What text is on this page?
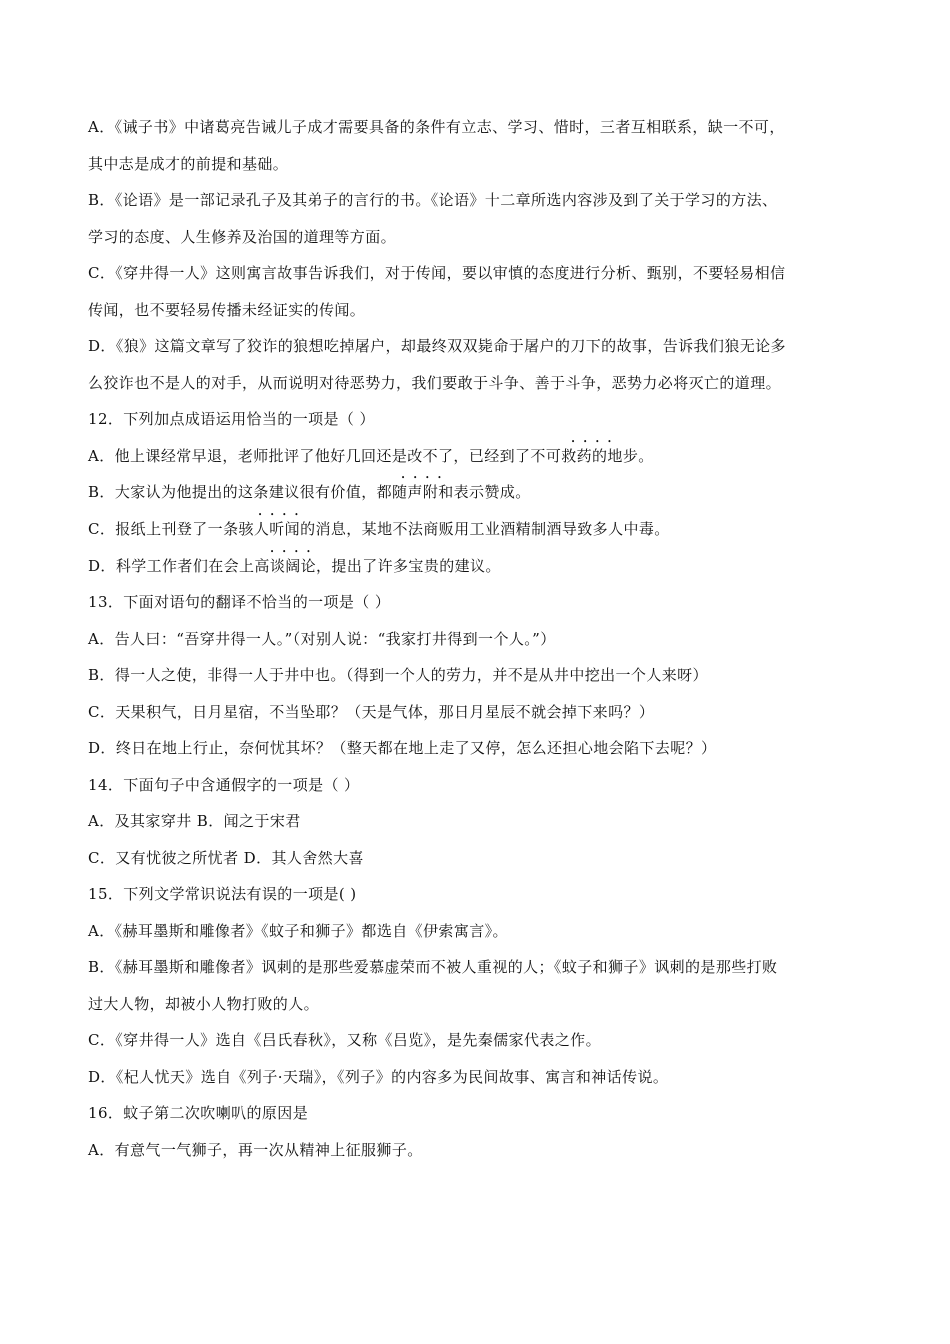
A．《诫子书》中诸葛亮告诫儿子成才需要具备的条件有立志、学习、惜时，三者互相联系，缺一不可，
其中志是成才的前提和基础。
B．《论语》是一部记录孔子及其弟子的言行的书。《论语》十二章所选内容涉及到了关于学习的方法、
学习的态度、人生修养及治国的道理等方面。
C．《穿井得一人》这则寓言故事告诉我们，对于传闻，要以审慎的态度进行分析、甄别，不要轻易相信
传闻，也不要轻易传播未经证实的传闻。
D．《狼》这篇文章写了狡诈的狼想吃掉屠户，却最终双双毙命于屠户的刀下的故事，告诉我们狼无论多
么狡诈也不是人的对手，从而说明对待恶势力，我们要敢于斗争、善于斗争，恶势力必将灭亡的道理。
12．下列加点成语运用恰当的一项是（ ）
A．他上课经常早退，老师批评了他好几回还是改不了，已经到了不可救药的地步。
B．大家认为他提出的这条建议很有价值，都随声附和表示赞成。
C．报纸上刊登了一条骇人听闻的消息，某地不法商贩用工业酒精制酒导致多人中毒。
D．科学工作者们在会上高谈阔论，提出了许多宝贵的建议。
13．下面对语句的翻译不恰当的一项是（ ）
A．告人曰：“吾穿井得一人。”（对别人说：“我家打井得到一个人。”）
B．得一人之使，非得一人于井中也。（得到一个人的劳力，并不是从井中挖出一个人来呀）
C．天果积气，日月星宿，不当坠耶？（天是气体，那日月星辰不就会掉下来吗？）
D．终日在地上行止，奈何忧其坏？（整天都在地上走了又停，怎么还担心地会陷下去呢？）
14．下面句子中含通假字的一项是（ ）
A．及其家穿井 B．闻之于宋君
C．又有忧彼之所忧者 D．其人舍然大喜
15．下列文学常识说法有误的一项是( )
A．《赫耳墨斯和雕像者》《蚊子和狮子》都选自《伊索寓言》。
B．《赫耳墨斯和雕像者》讽刺的是那些爱慕虚荣而不被人重视的人；《蚊子和狮子》讽刺的是那些打败
过大人物，却被小人物打败的人。
C．《穿井得一人》选自《吕氏春秋》，又称《吕览》，是先秦儒家代表之作。
D．《杞人忧天》选自《列子·天瑞》，《列子》的内容多为民间故事、寓言和神话传说。
16．蚊子第二次吹喇叭的原因是
A．有意气一气狮子，再一次从精神上征服狮子。
••••
••••
••••
••••
